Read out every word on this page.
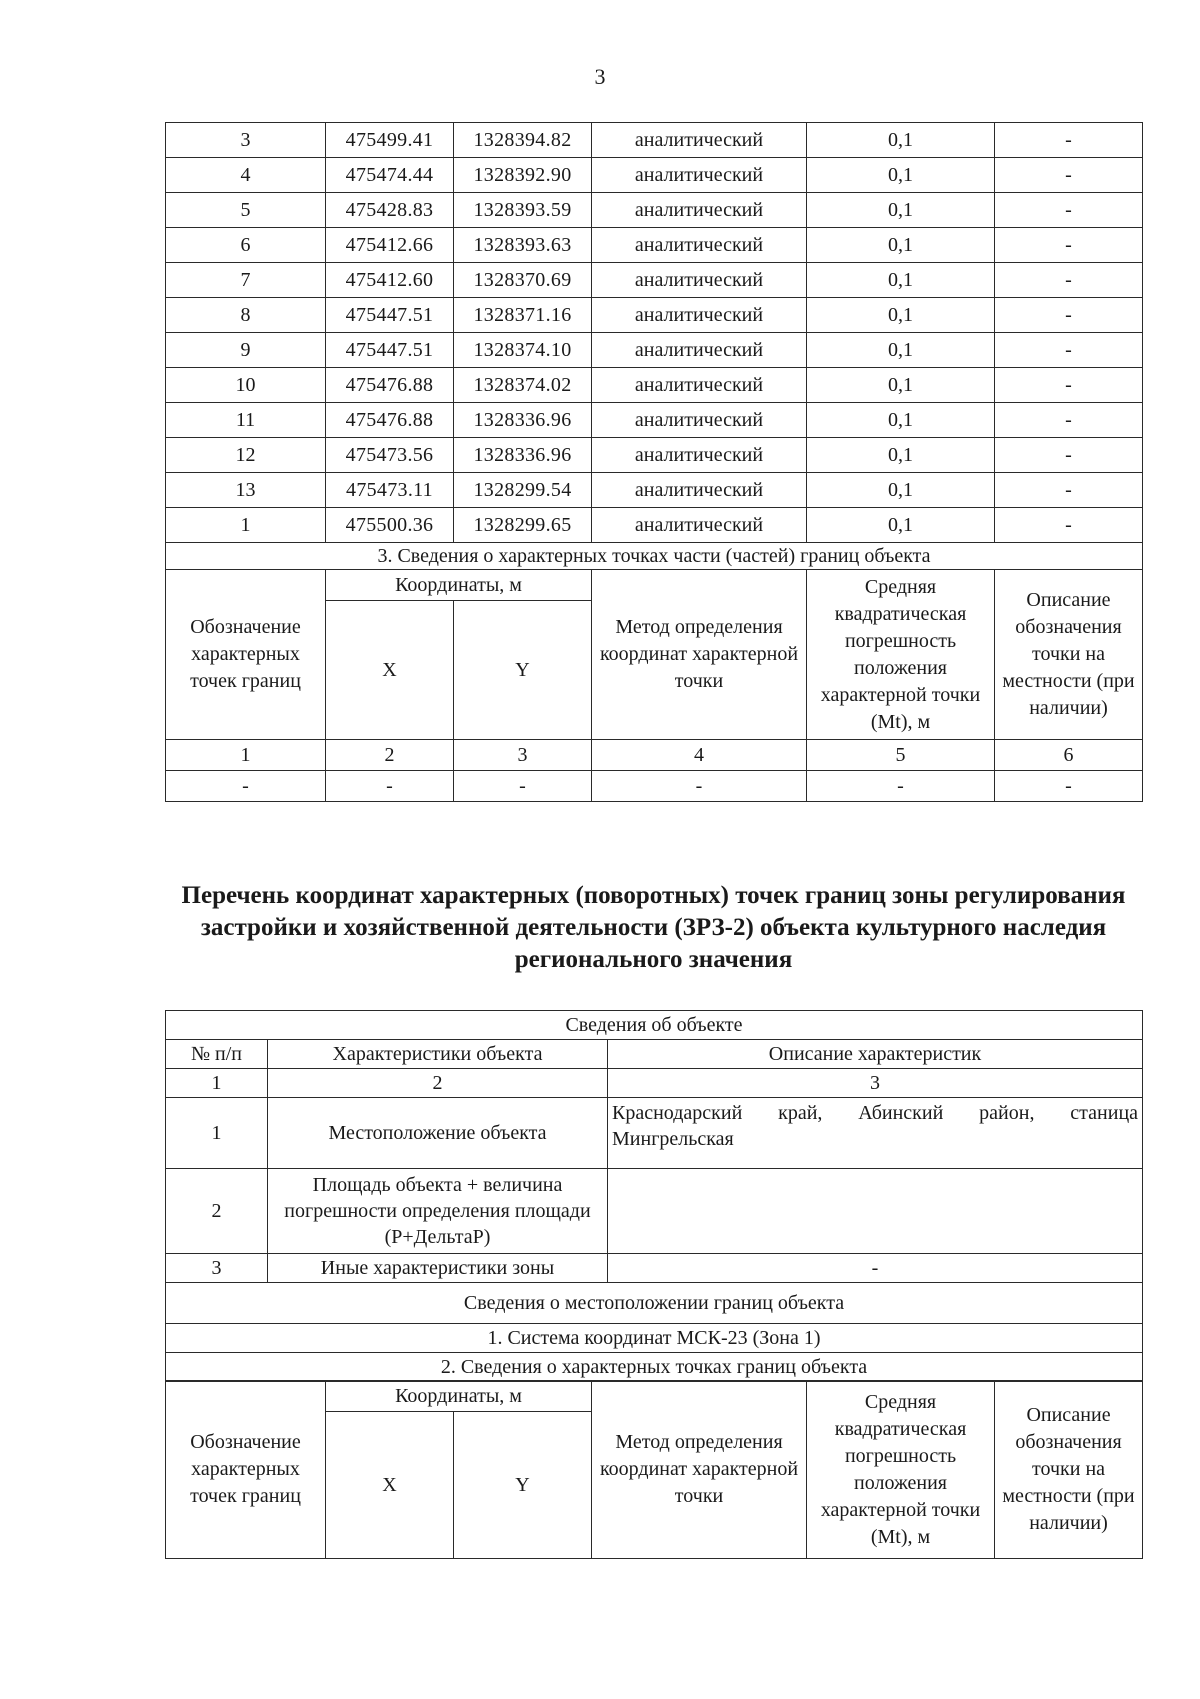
3
3	475499.41	1328394.82	аналитический	0,1	-
4	475474.44	1328392.90	аналитический	0,1	-
5	475428.83	1328393.59	аналитический	0,1	-
6	475412.66	1328393.63	аналитический	0,1	-
7	475412.60	1328370.69	аналитический	0,1	-
8	475447.51	1328371.16	аналитический	0,1	-
9	475447.51	1328374.10	аналитический	0,1	-
10	475476.88	1328374.02	аналитический	0,1	-
11	475476.88	1328336.96	аналитический	0,1	-
12	475473.56	1328336.96	аналитический	0,1	-
13	475473.11	1328299.54	аналитический	0,1	-
1	475500.36	1328299.65	аналитический	0,1	-
3. Сведения о характерных точках части (частей) границ объекта					
Обозначение характерных точек границ	Координаты, м		Метод определения координат характерной точки	Средняя квадратическая погрешность положения характерной точки (Mt), м	Описание обозначения точки на местности (при наличии)
	X	Y			
1	2	3	4	5	6
-	-	-	-	-	-
Перечень координат характерных (поворотных) точек границ зоны регулирования застройки и хозяйственной деятельности (ЗРЗ-2) объекта культурного наследия регионального значения
Сведения об объекте		
№ п/п	Характеристики объекта	Описание характеристик
1	2	3
1	Местоположение объекта	Краснодарский край, Абинский район, станица Мингрельская
2	Площадь объекта + величина погрешности определения площади (P+ДельтаP)	
3	Иные характеристики зоны	-
Сведения о местоположении границ объекта		
1. Система координат МСК-23 (Зона 1)		
2. Сведения о характерных точках границ объекта		
Обозначение характерных точек границ	Координаты, м		Метод определения координат характерной точки	Средняя квадратическая погрешность положения характерной точки (Mt), м	Описание обозначения точки на местности (при наличии)
	X	Y			
